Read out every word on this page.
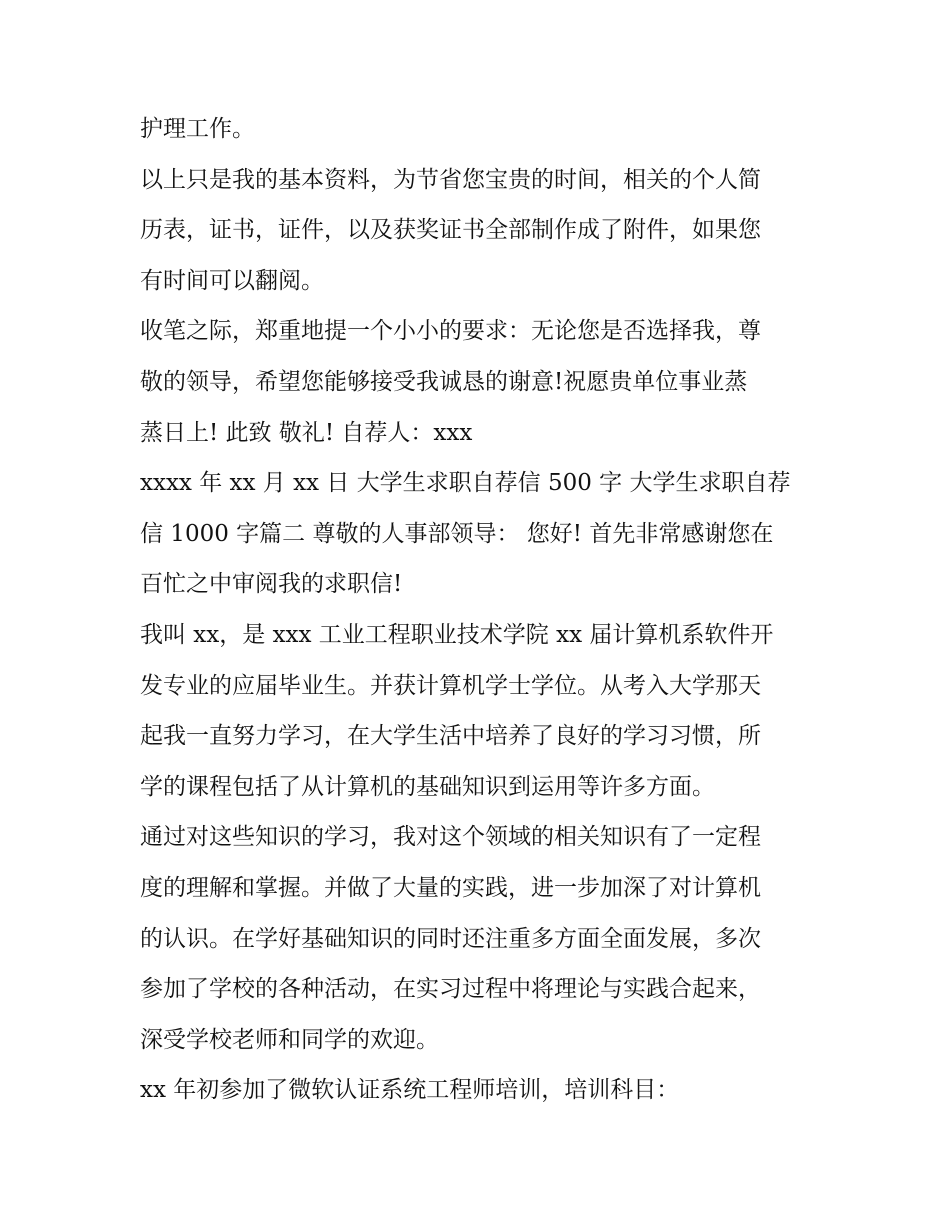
护理工作。
以上只是我的基本资料，为节省您宝贵的时间，相关的个人简
历表，证书，证件，以及获奖证书全部制作成了附件，如果您
有时间可以翻阅。
收笔之际，郑重地提一个小小的要求：无论您是否选择我，尊
敬的领导，希望您能够接受我诚恳的谢意!祝愿贵单位事业蒸
蒸日上! 此致 敬礼! 自荐人：xxx
xxxx 年 xx 月 xx 日 大学生求职自荐信 500 字 大学生求职自荐
信 1000 字篇二 尊敬的人事部领导： 您好! 首先非常感谢您在
百忙之中审阅我的求职信!
我叫 xx，是 xxx 工业工程职业技术学院 xx 届计算机系软件开
发专业的应届毕业生。并获计算机学士学位。从考入大学那天
起我一直努力学习，在大学生活中培养了良好的学习习惯，所
学的课程包括了从计算机的基础知识到运用等许多方面。
通过对这些知识的学习，我对这个领域的相关知识有了一定程
度的理解和掌握。并做了大量的实践，进一步加深了对计算机
的认识。在学好基础知识的同时还注重多方面全面发展，多次
参加了学校的各种活动，在实习过程中将理论与实践合起来，
深受学校老师和同学的欢迎。
xx 年初参加了微软认证系统工程师培训，培训科目：
